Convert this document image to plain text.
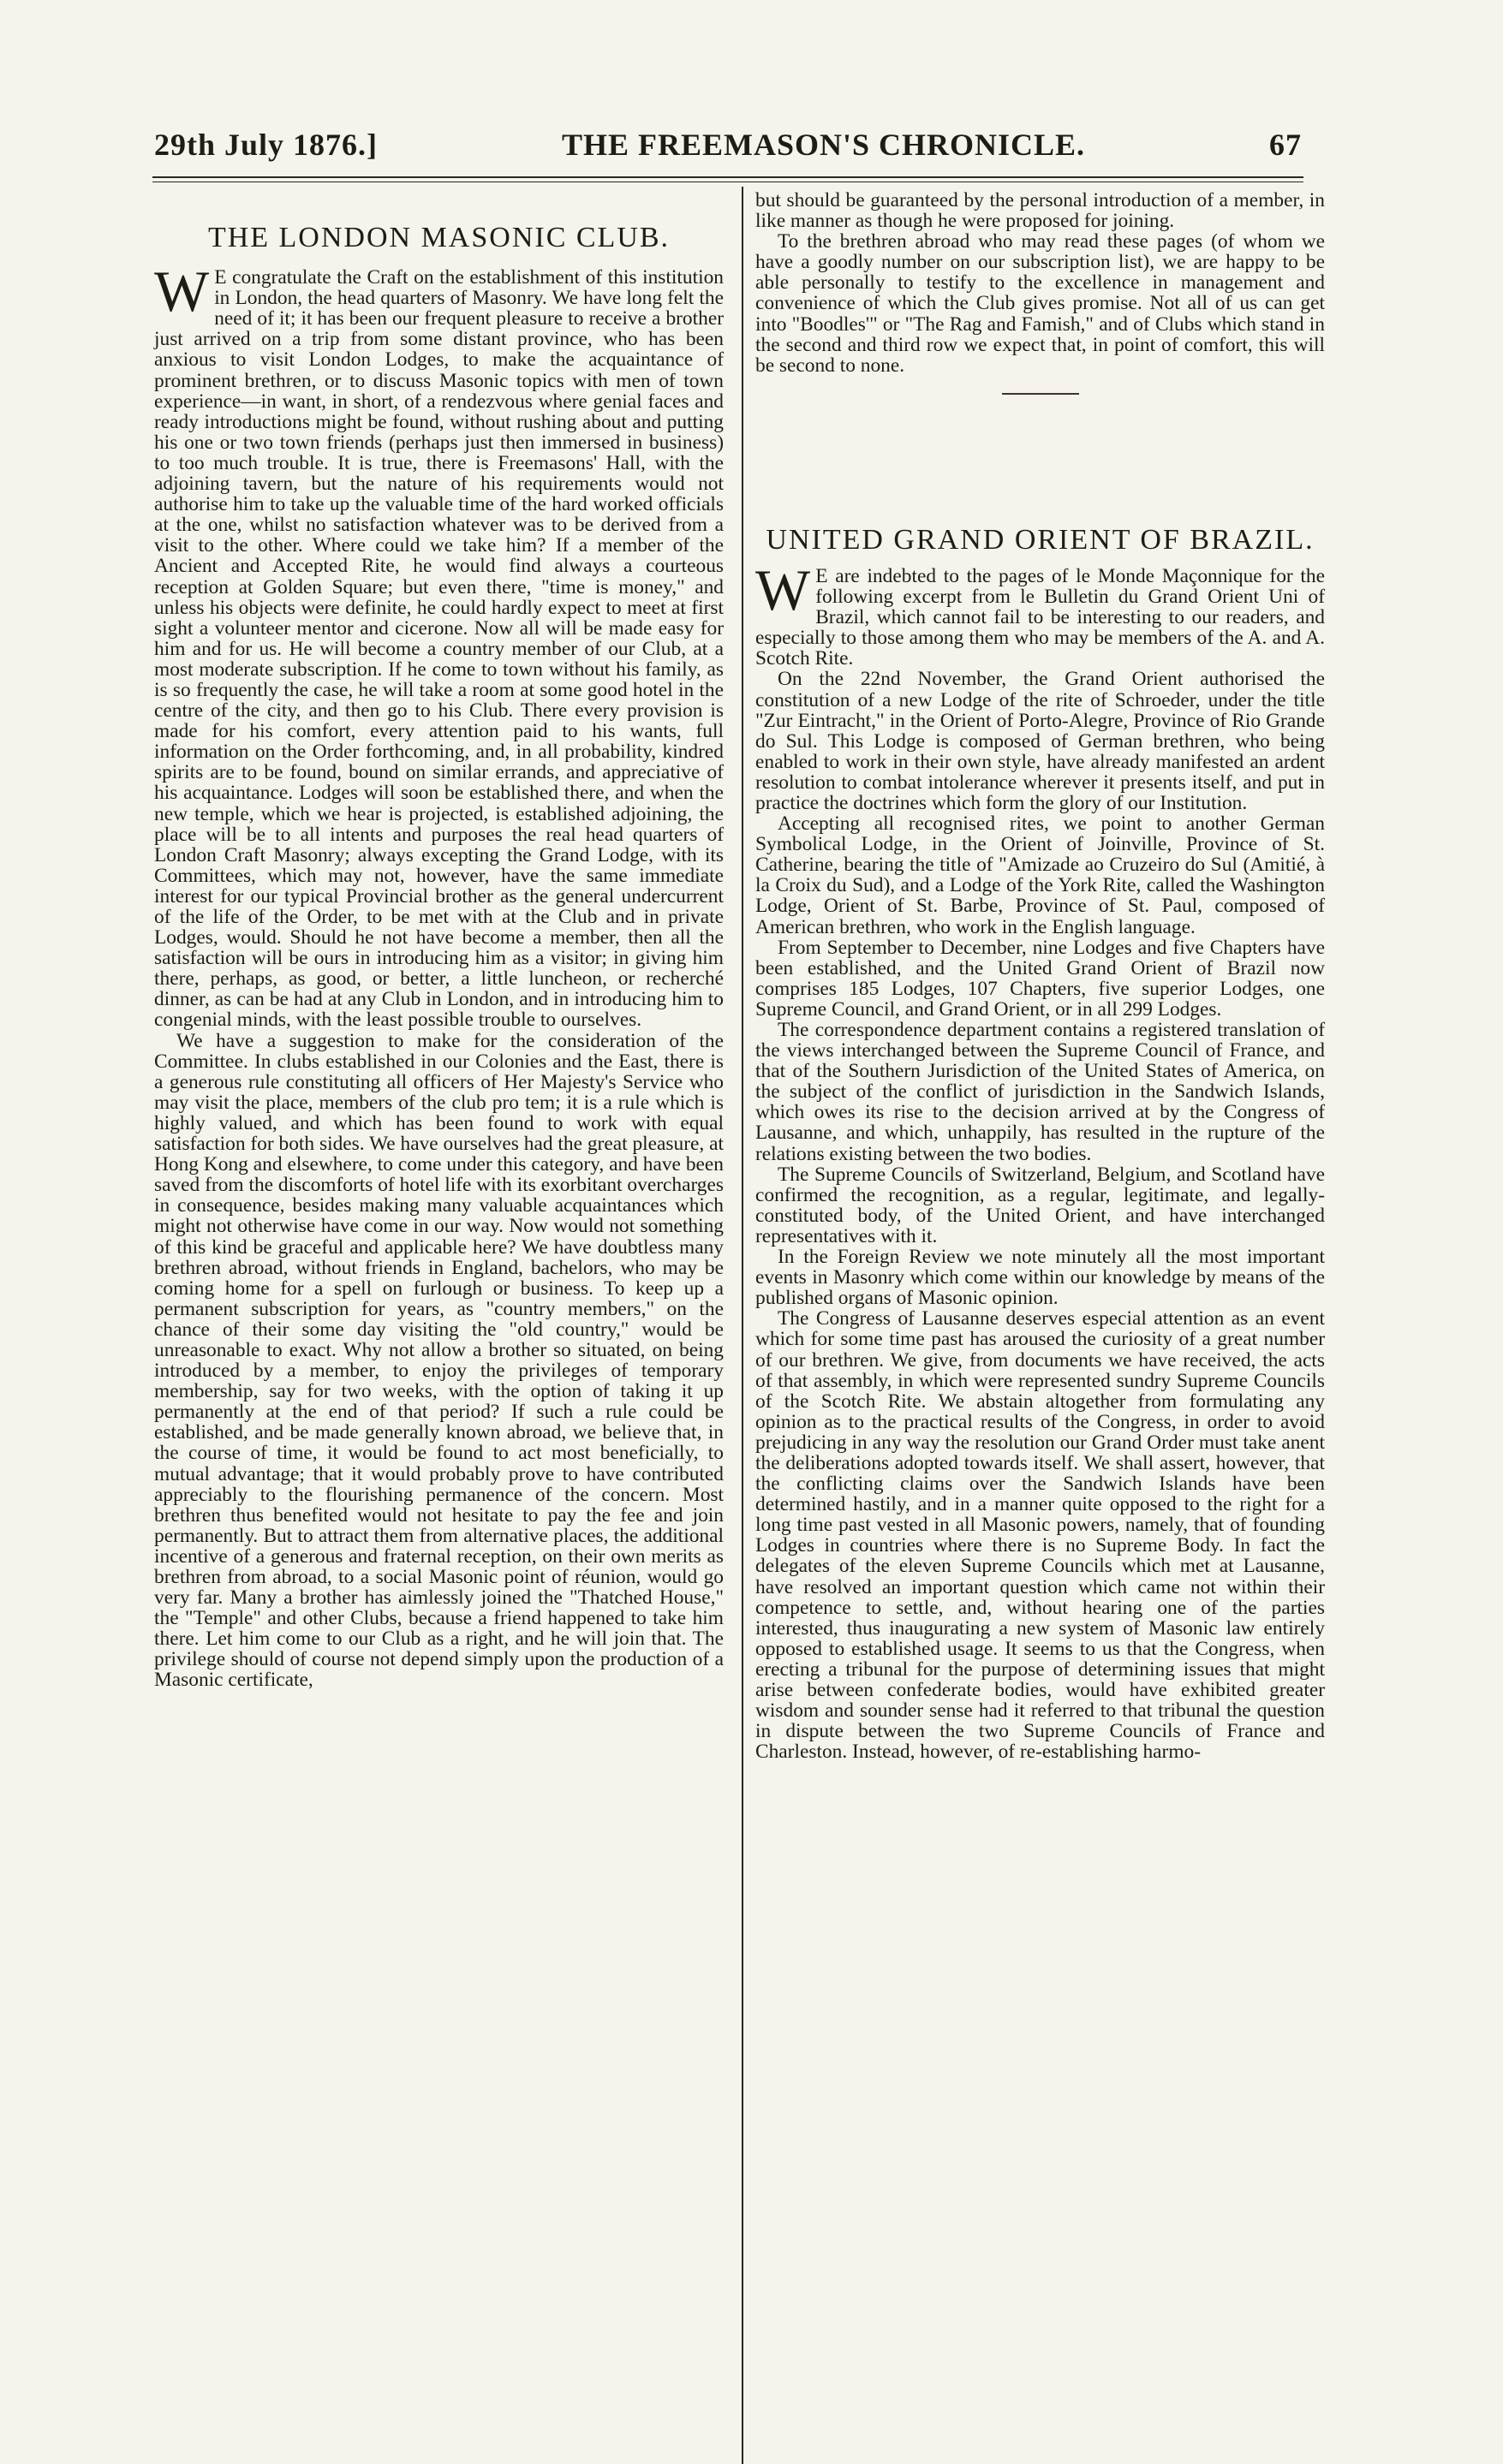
29th July 1876.]	THE FREEMASON'S CHRONICLE.	67
THE LONDON MASONIC CLUB.

W E congratulate the Craft on the establishment of this institution in London, the head quarters of Masonry. We have long felt the need of it; it has been our frequent pleasure to receive a brother just arrived on a trip from some distant province, who has been anxious to visit London Lodges, to make the acquaintance of prominent brethren, or to discuss Masonic topics with men of town experience—in want, in short, of a rendezvous where genial faces and ready introductions might be found, without rushing about and putting his one or two town friends (perhaps just then immersed in business) to too much trouble. It is true, there is Freemasons' Hall, with the adjoining tavern, but the nature of his requirements would not authorise him to take up the valuable time of the hard worked officials at the one, whilst no satisfaction whatever was to be derived from a visit to the other. Where could we take him? If a member of the Ancient and Accepted Rite, he would find always a courteous reception at Golden Square; but even there, "time is money," and unless his objects were definite, he could hardly expect to meet at first sight a volunteer mentor and cicerone. Now all will be made easy for him and for us. He will become a country member of our Club, at a most moderate subscription. If he come to town without his family, as is so frequently the case, he will take a room at some good hotel in the centre of the city, and then go to his Club. There every provision is made for his comfort, every attention paid to his wants, full information on the Order forthcoming, and, in all probability, kindred spirits are to be found, bound on similar errands, and appreciative of his acquaintance. Lodges will soon be established there, and when the new temple, which we hear is projected, is established adjoining, the place will be to all intents and purposes the real head quarters of London Craft Masonry; always excepting the Grand Lodge, with its Committees, which may not, however, have the same immediate interest for our typical Provincial brother as the general undercurrent of the life of the Order, to be met with at the Club and in private Lodges, would. Should he not have become a member, then all the satisfaction will be ours in introducing him as a visitor; in giving him there, perhaps, as good, or better, a little luncheon, or recherché dinner, as can be had at any Club in London, and in introducing him to congenial minds, with the least possible trouble to ourselves.

We have a suggestion to make for the consideration of the Committee. In clubs established in our Colonies and the East, there is a generous rule constituting all officers of Her Majesty's Service who may visit the place, members of the club pro tem; it is a rule which is highly valued, and which has been found to work with equal satisfaction for both sides. We have ourselves had the great pleasure, at Hong Kong and elsewhere, to come under this category, and have been saved from the discomforts of hotel life with its exorbitant overcharges in consequence, besides making many valuable acquaintances which might not otherwise have come in our way. Now would not something of this kind be graceful and applicable here? We have doubtless many brethren abroad, without friends in England, bachelors, who may be coming home for a spell on furlough or business. To keep up a permanent subscription for years, as "country members," on the chance of their some day visiting the "old country," would be unreasonable to exact. Why not allow a brother so situated, on being introduced by a member, to enjoy the privileges of temporary membership, say for two weeks, with the option of taking it up permanently at the end of that period? If such a rule could be established, and be made generally known abroad, we believe that, in the course of time, it would be found to act most beneficially, to mutual advantage; that it would probably prove to have contributed appreciably to the flourishing permanence of the concern. Most brethren thus benefited would not hesitate to pay the fee and join permanently. But to attract them from alternative places, the additional incentive of a generous and fraternal reception, on their own merits as brethren from abroad, to a social Masonic point of réunion, would go very far. Many a brother has aimlessly joined the "Thatched House," the "Temple" and other Clubs, because a friend happened to take him there. Let him come to our Club as a right, and he will join that. The privilege should of course not depend simply upon the production of a Masonic certificate,

but should be guaranteed by the personal introduction of a member, in like manner as though he were proposed for joining.

To the brethren abroad who may read these pages (of whom we have a goodly number on our subscription list), we are happy to be able personally to testify to the excellence in management and convenience of which the Club gives promise. Not all of us can get into "Boodles'" or "The Rag and Famish," and of Clubs which stand in the second and third row we expect that, in point of comfort, this will be second to none.

UNITED GRAND ORIENT OF BRAZIL.

W E are indebted to the pages of le Monde Maçonnique for the following excerpt from le Bulletin du Grand Orient Uni of Brazil, which cannot fail to be interesting to our readers, and especially to those among them who may be members of the A. and A. Scotch Rite.

On the 22nd November, the Grand Orient authorised the constitution of a new Lodge of the rite of Schroeder, under the title "Zur Eintracht," in the Orient of Porto-Alegre, Province of Rio Grande do Sul. This Lodge is composed of German brethren, who being enabled to work in their own style, have already manifested an ardent resolution to combat intolerance wherever it presents itself, and put in practice the doctrines which form the glory of our Institution.

Accepting all recognised rites, we point to another German Symbolical Lodge, in the Orient of Joinville, Province of St. Catherine, bearing the title of "Amizade ao Cruzeiro do Sul (Amitié, à la Croix du Sud), and a Lodge of the York Rite, called the Washington Lodge, Orient of St. Barbe, Province of St. Paul, composed of American brethren, who work in the English language.

From September to December, nine Lodges and five Chapters have been established, and the United Grand Orient of Brazil now comprises 185 Lodges, 107 Chapters, five superior Lodges, one Supreme Council, and Grand Orient, or in all 299 Lodges.

The correspondence department contains a registered translation of the views interchanged between the Supreme Council of France, and that of the Southern Jurisdiction of the United States of America, on the subject of the conflict of jurisdiction in the Sandwich Islands, which owes its rise to the decision arrived at by the Congress of Lausanne, and which, unhappily, has resulted in the rupture of the relations existing between the two bodies.

The Supreme Councils of Switzerland, Belgium, and Scotland have confirmed the recognition, as a regular, legitimate, and legally-constituted body, of the United Orient, and have interchanged representatives with it.

In the Foreign Review we note minutely all the most important events in Masonry which come within our knowledge by means of the published organs of Masonic opinion.

The Congress of Lausanne deserves especial attention as an event which for some time past has aroused the curiosity of a great number of our brethren. We give, from documents we have received, the acts of that assembly, in which were represented sundry Supreme Councils of the Scotch Rite. We abstain altogether from formulating any opinion as to the practical results of the Congress, in order to avoid prejudicing in any way the resolution our Grand Order must take anent the deliberations adopted towards itself. We shall assert, however, that the conflicting claims over the Sandwich Islands have been determined hastily, and in a manner quite opposed to the right for a long time past vested in all Masonic powers, namely, that of founding Lodges in countries where there is no Supreme Body. In fact the delegates of the eleven Supreme Councils which met at Lausanne, have resolved an important question which came not within their competence to settle, and, without hearing one of the parties interested, thus inaugurating a new system of Masonic law entirely opposed to established usage. It seems to us that the Congress, when erecting a tribunal for the purpose of determining issues that might arise between confederate bodies, would have exhibited greater wisdom and sounder sense had it referred to that tribunal the question in dispute between the two Supreme Councils of France and Charleston. Instead, however, of re-establishing harmo-
